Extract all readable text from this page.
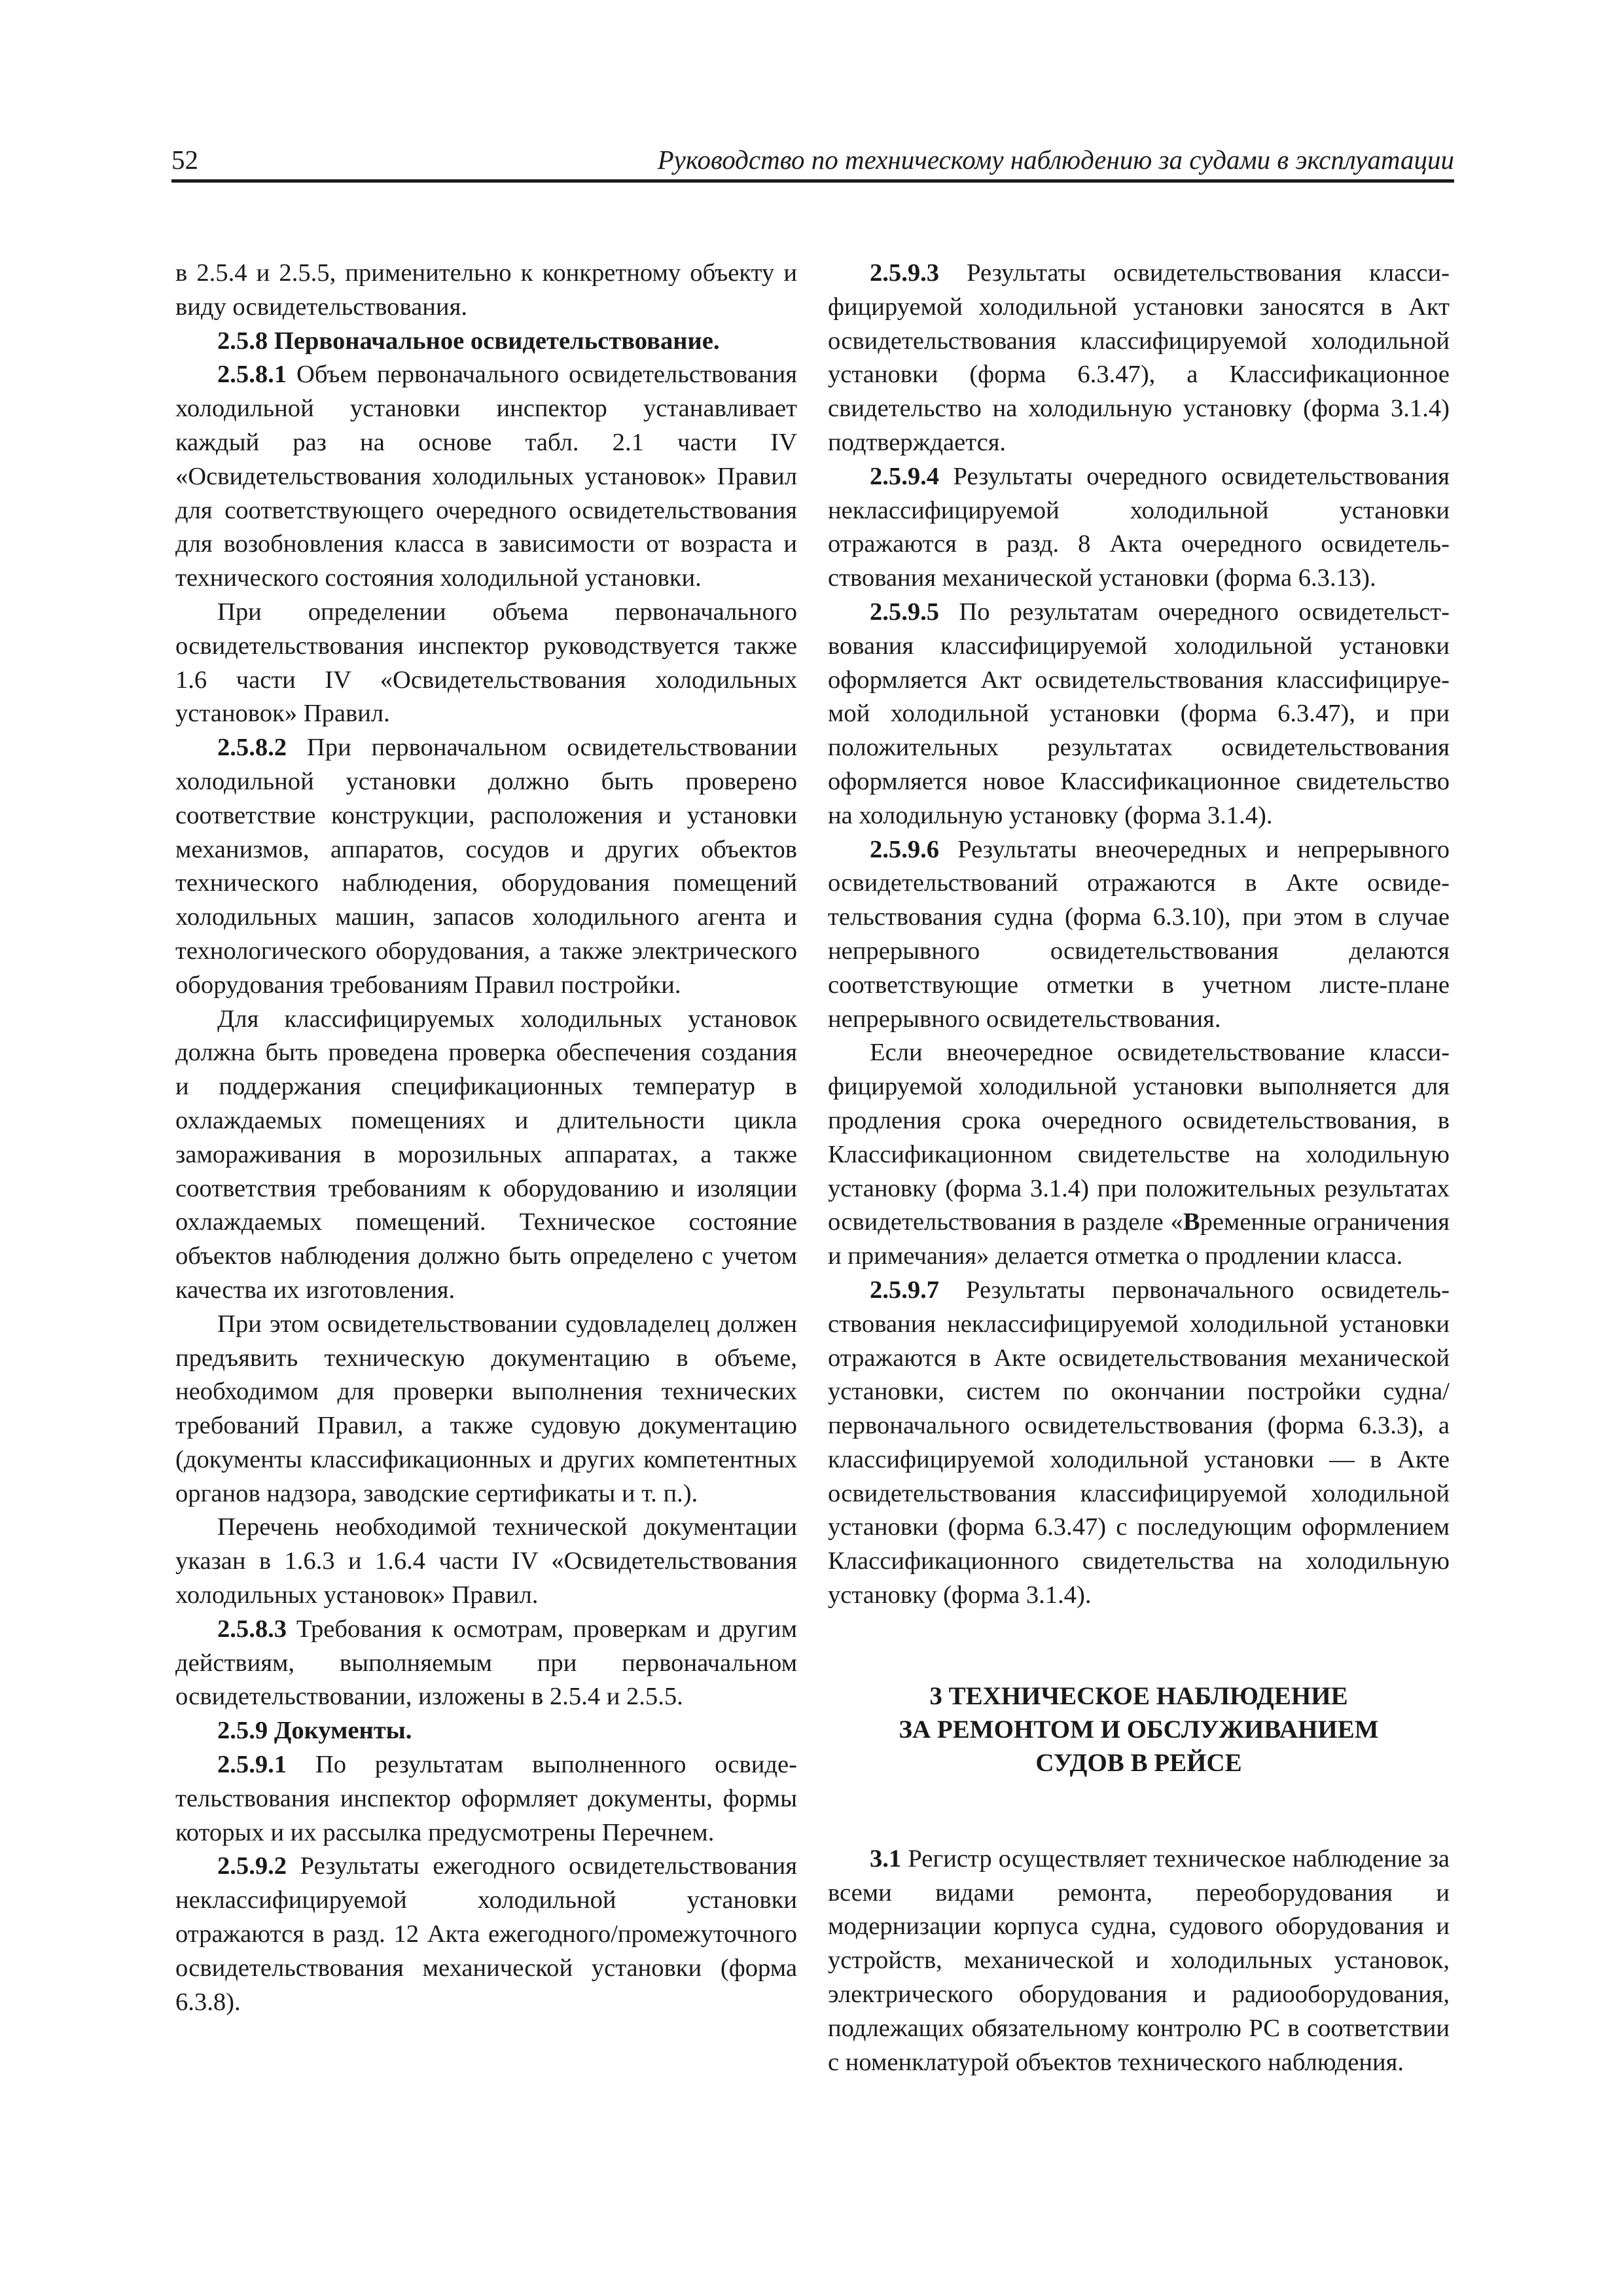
52	Руководство по техническому наблюдению за судами в эксплуатации

в 2.5.4 и 2.5.5, применительно к конкретному объекту и виду освидетельствования.

2.5.8 Первоначальное освидетельствование.

2.5.8.1 Объем первоначального освидетельствования холодильной установки инспектор устанавливает каждый раз на основе табл. 2.1 части IV «Освидетельствования холодильных установок» Правил для соответствующего очередного освидетельствования для возобновления класса в зависимости от возраста и технического состояния холодильной установки.

При определении объема первоначального освидетельствования инспектор руководствуется также 1.6 части IV «Освидетельствования холодильных установок» Правил.

2.5.8.2 При первоначальном освидетельствовании холодильной установки должно быть проверено соответствие конструкции, расположения и установки механизмов, аппаратов, сосудов и других объектов технического наблюдения, оборудования помещений холодильных машин, запасов холодильного агента и технологического оборудования, а также электрического оборудования требованиям Правил постройки.

Для классифицируемых холодильных установок должна быть проведена проверка обеспечения создания и поддержания спецификационных температур в охлаждаемых помещениях и длительности цикла замораживания в морозильных аппаратах, а также соответствия требованиям к оборудованию и изоляции охлаждаемых помещений. Техническое состояние объектов наблюдения должно быть определено с учетом качества их изготовления.

При этом освидетельствовании судовладелец должен предъявить техническую документацию в объеме, необходимом для проверки выполнения технических требований Правил, а также судовую документацию (документы классификационных и других компетентных органов надзора, заводские сертификаты и т. п.).

Перечень необходимой технической документации указан в 1.6.3 и 1.6.4 части IV «Освидетельствования холодильных установок» Правил.

2.5.8.3 Требования к осмотрам, проверкам и другим действиям, выполняемым при первоначальном освидетельствовании, изложены в 2.5.4 и 2.5.5.

2.5.9 Документы.

2.5.9.1 По результатам выполненного освидетельствования инспектор оформляет документы, формы которых и их рассылка предусмотрены Перечнем.

2.5.9.2 Результаты ежегодного освидетельствования неклассифицируемой холодильной установки отражаются в разд. 12 Акта ежегодного/промежуточного освидетельствования механической установки (форма 6.3.8).

2.5.9.3 Результаты освидетельствования классифицируемой холодильной установки заносятся в Акт освидетельствования классифицируемой холодильной установки (форма 6.3.47), а Классификационное свидетельство на холодильную установку (форма 3.1.4) подтверждается.

2.5.9.4 Результаты очередного освидетельствования неклассифицируемой холодильной установки отражаются в разд. 8 Акта очередного освидетельствования механической установки (форма 6.3.13).

2.5.9.5 По результатам очередного освидетельствования классифицируемой холодильной установки оформляется Акт освидетельствования классифицируемой холодильной установки (форма 6.3.47), и при положительных результатах освидетельствования оформляется новое Классификационное свидетельство на холодильную установку (форма 3.1.4).

2.5.9.6 Результаты внеочередных и непрерывного освидетельствований отражаются в Акте освидетельствования судна (форма 6.3.10), при этом в случае непрерывного освидетельствования делаются соответствующие отметки в учетном листе-плане непрерывного освидетельствования.

Если внеочередное освидетельствование классифицируемой холодильной установки выполняется для продления срока очередного освидетельствования, в Классификационном свидетельстве на холодильную установку (форма 3.1.4) при положительных результатах освидетельствования в разделе «Временные ограничения и примечания» делается отметка о продлении класса.

2.5.9.7 Результаты первоначального освидетельствования неклассифицируемой холодильной установки отражаются в Акте освидетельствования механической установки, систем по окончании постройки судна/ первоначального освидетельствования (форма 6.3.3), а классифицируемой холодильной установки — в Акте освидетельствования классифицируемой холодильной установки (форма 6.3.47) с последующим оформлением Классификационного свидетельства на холодильную установку (форма 3.1.4).

3 ТЕХНИЧЕСКОЕ НАБЛЮДЕНИЕ
ЗА РЕМОНТОМ И ОБСЛУЖИВАНИЕМ
СУДОВ В РЕЙСЕ

3.1 Регистр осуществляет техническое наблюдение за всеми видами ремонта, переоборудования и модернизации корпуса судна, судового оборудования и устройств, механической и холодильных установок, электрического оборудования и радиооборудования, подлежащих обязательному контролю РС в соответствии с номенклатурой объектов технического наблюдения.
